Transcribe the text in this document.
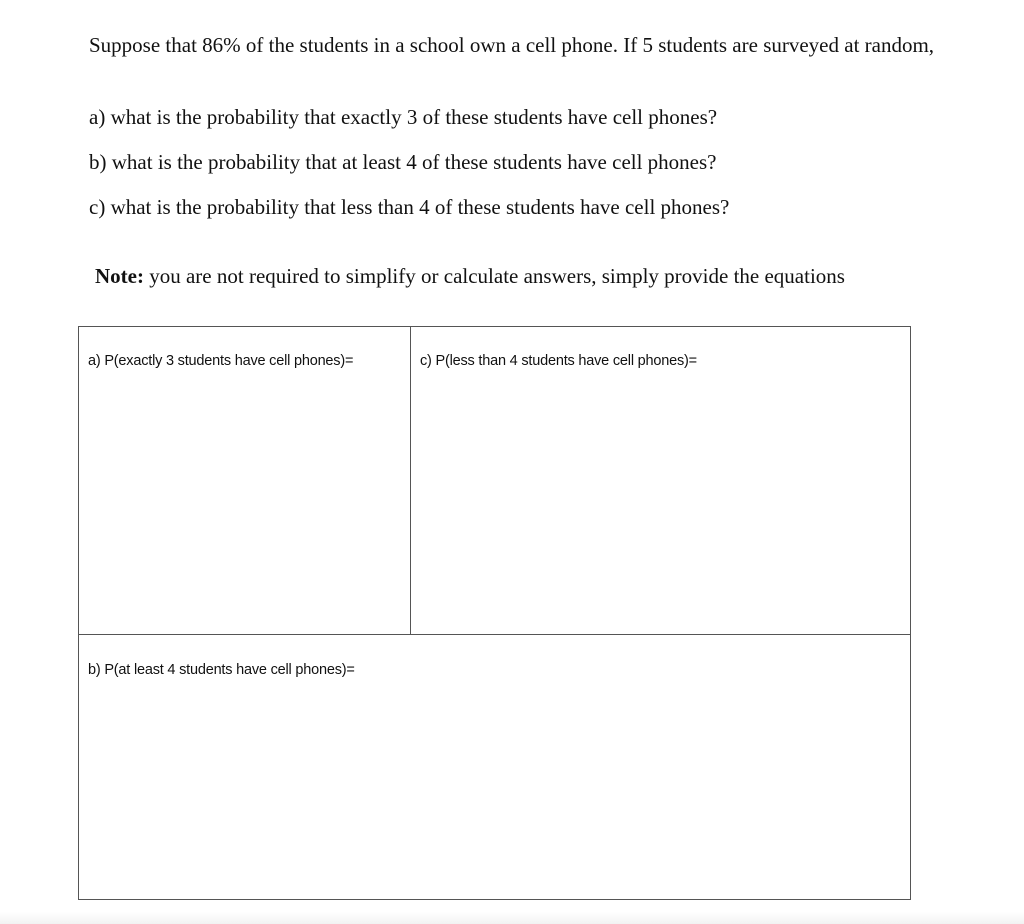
Suppose that 86% of the students in a school own a cell phone. If 5 students are surveyed at random,

a) what is the probability that exactly 3 of these students have cell phones?

b) what is the probability that at least 4 of these students have cell phones?

c) what is the probability that less than 4 of these students have cell phones?

Note: you are not required to simplify or calculate answers, simply provide the equations

a) P(exactly 3 students have cell phones)=	c) P(less than 4 students have cell phones)=
b) P(at least 4 students have cell phones)=
